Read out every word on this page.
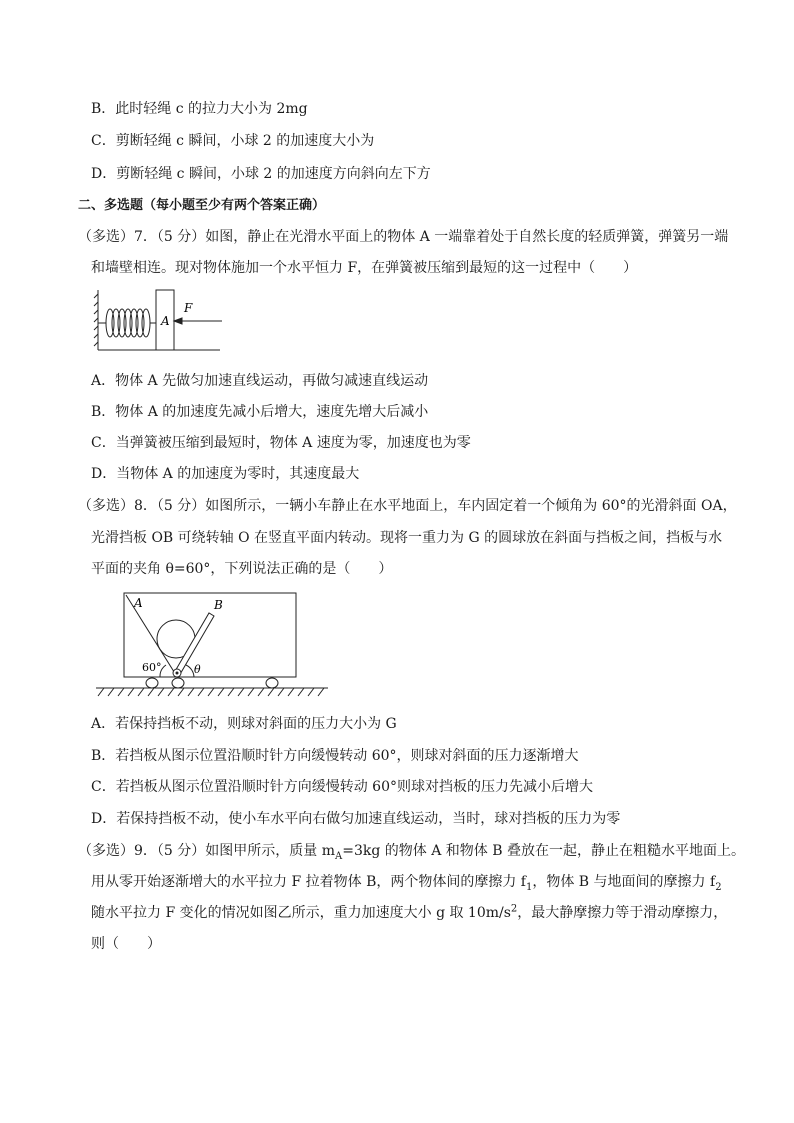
B．此时轻绳 c 的拉力大小为 2mg
C．剪断轻绳 c 瞬间，小球 2 的加速度大小为
D．剪断轻绳 c 瞬间，小球 2 的加速度方向斜向左下方
二、多选题（每小题至少有两个答案正确）
（多选）7．（5 分）如图，静止在光滑水平面上的物体 A 一端靠着处于自然长度的轻质弹簧，弹簧另一端
和墙壁相连。现对物体施加一个水平恒力 F，在弹簧被压缩到最短的这一过程中（　　）
A
F
A．物体 A 先做匀加速直线运动，再做匀减速直线运动
B．物体 A 的加速度先减小后增大，速度先增大后减小
C．当弹簧被压缩到最短时，物体 A 速度为零，加速度也为零
D．当物体 A 的加速度为零时，其速度最大
（多选）8．（5 分）如图所示，一辆小车静止在水平地面上，车内固定着一个倾角为 60°的光滑斜面 OA，
光滑挡板 OB 可绕转轴 O 在竖直平面内转动。现将一重力为 G 的圆球放在斜面与挡板之间，挡板与水
平面的夹角 θ=60°，下列说法正确的是（　　）
A	B
60°	θ
A．若保持挡板不动，则球对斜面的压力大小为 G
B．若挡板从图示位置沿顺时针方向缓慢转动 60°，则球对斜面的压力逐渐增大
C．若挡板从图示位置沿顺时针方向缓慢转动 60°则球对挡板的压力先减小后增大
D．若保持挡板不动，使小车水平向右做匀加速直线运动，当时，球对挡板的压力为零
（多选）9．（5 分）如图甲所示，质量 $m_A=3kg$ 的物体 A 和物体 B 叠放在一起，静止在粗糙水平地面上。
用从零开始逐渐增大的水平拉力 F 拉着物体 B，两个物体间的摩擦力 $f_1$，物体 B 与地面间的摩擦力 $f_2$
随水平拉力 F 变化的情况如图乙所示，重力加速度大小 g 取 $10m/s^2$，最大静摩擦力等于滑动摩擦力，
则（　　）
